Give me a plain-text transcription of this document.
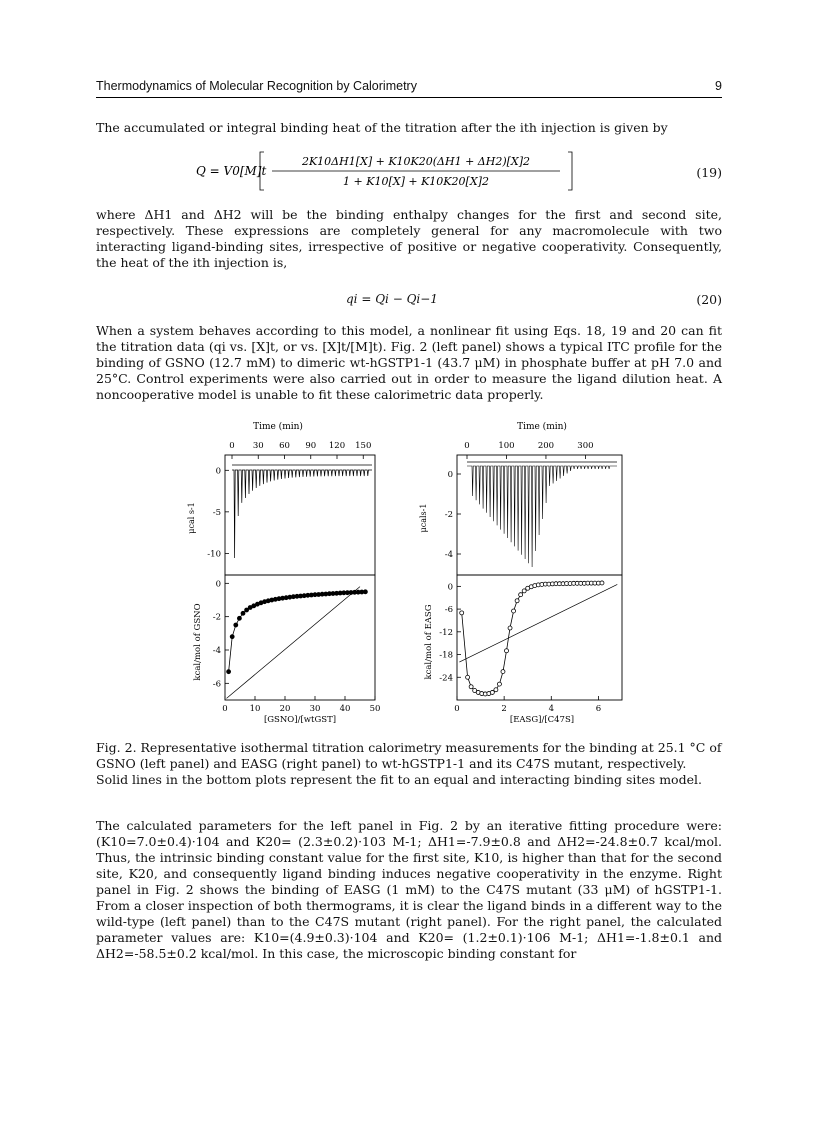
Thermodynamics of Molecular Recognition by Calorimetry	9

The accumulated or integral binding heat of the titration after the ith injection is given by

Q = V0[M]t
2K10ΔH1[X] + K10K20(ΔH1 + ΔH2)[X]2
1 + K10[X] + K10K20[X]2
(19)

where ΔH1 and ΔH2 will be the binding enthalpy changes for the first and second site, respectively. These expressions are completely general for any macromolecule with two interacting ligand-binding sites, irrespective of positive or negative cooperativity. Consequently, the heat of the ith injection is,

qi = Qi − Qi−1	(20)

When a system behaves according to this model, a nonlinear fit using Eqs. 18, 19 and 20 can fit the titration data (qi vs. [X]t, or vs. [X]t/[M]t). Fig. 2 (left panel) shows a typical ITC profile for the binding of GSNO (12.7 mM) to dimeric wt-hGSTP1-1 (43.7 μM) in phosphate buffer at pH 7.0 and 25°C. Control experiments were also carried out in order to measure the ligand dilution heat. A noncooperative model is unable to fit these calorimetric data properly.

Time (min)
0 30 60 90 120 150
0
-5
-10
0
-2
-4
-6
0	10 20 30 40 50
μcal s-1
kcal/mol of GSNO
[GSNO]/[wtGST]
Time (min)
0	100	200	300
0
-2
-4
0
-6
-12
-18
-24
0	2	4	6
μcals-1
kcal/mol of EASG
[EASG]/[C47S]

Fig. 2. Representative isothermal titration calorimetry measurements for the binding at 25.1 °C of GSNO (left panel) and EASG (right panel) to wt-hGSTP1-1 and its C47S mutant, respectively. Solid lines in the bottom plots represent the fit to an equal and interacting binding sites model.

The calculated parameters for the left panel in Fig. 2 by an iterative fitting procedure were: (K10=7.0±0.4)·104 and K20= (2.3±0.2)·103 M-1; ΔH1=-7.9±0.8 and ΔH2=-24.8±0.7 kcal/mol. Thus, the intrinsic binding constant value for the first site, K10, is higher than that for the second site, K20, and consequently ligand binding induces negative cooperativity in the enzyme. Right panel in Fig. 2 shows the binding of EASG (1 mM) to the C47S mutant (33 μM) of hGSTP1-1. From a closer inspection of both thermograms, it is clear the ligand binds in a different way to the wild-type (left panel) than to the C47S mutant (right panel). For the right panel, the calculated parameter values are: K10=(4.9±0.3)·104 and K20= (1.2±0.1)·106 M-1; ΔH1=-1.8±0.1 and ΔH2=-58.5±0.2 kcal/mol. In this case, the microscopic binding constant for
